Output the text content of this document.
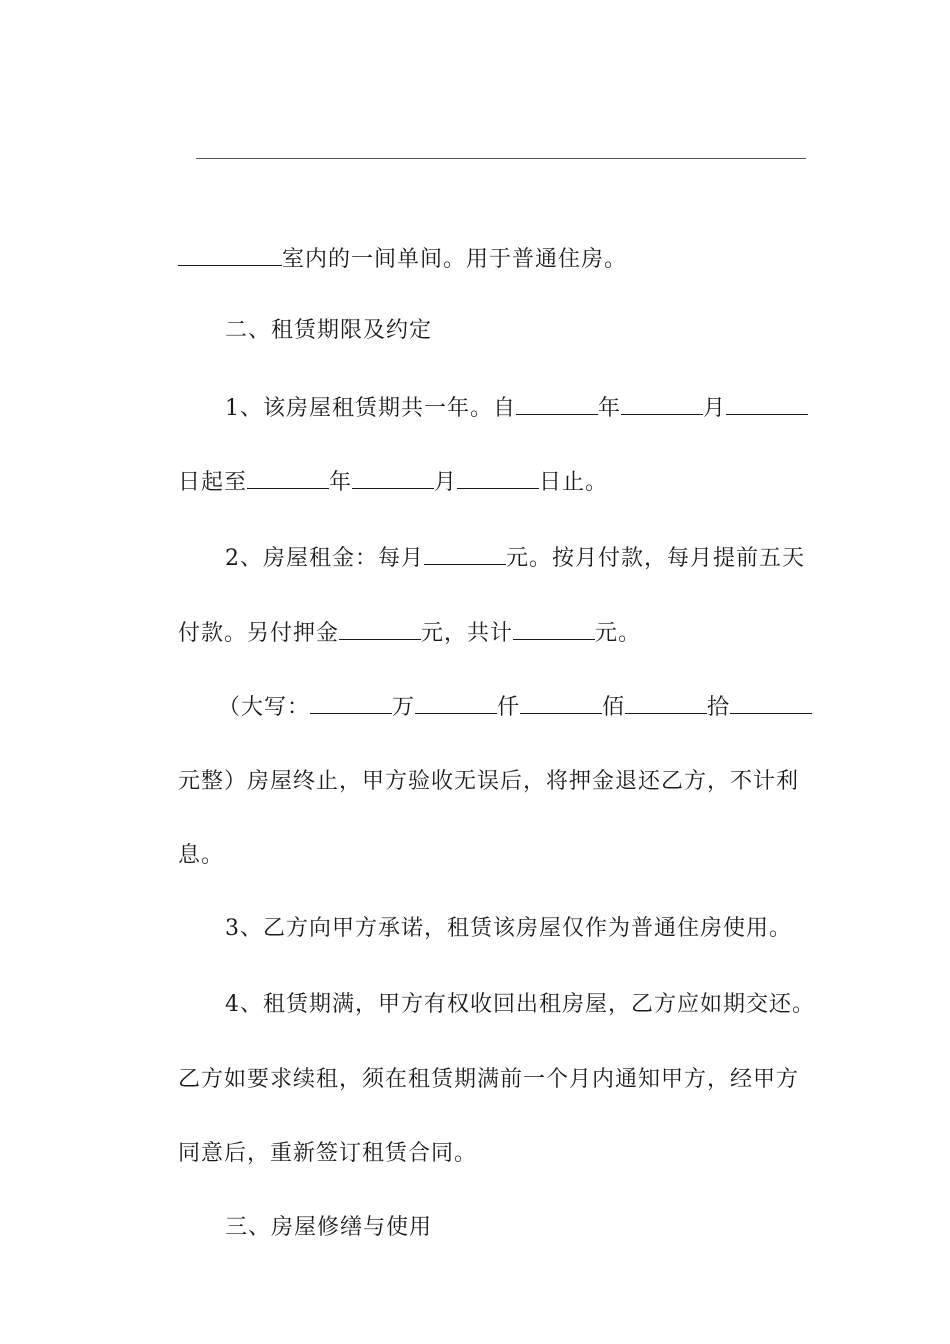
室内的一间单间。用于普通住房。

二、租赁期限及约定

1、该房屋租赁期共一年。自	年	月

日起至	年	月	日止。

2、房屋租金：每月	元。按月付款，每月提前五天

付款。另付押金	元，共计	元。

（大写：	万	仟	佰	拾

元整）房屋终止，甲方验收无误后，将押金退还乙方，不计利

息。

3、乙方向甲方承诺，租赁该房屋仅作为普通住房使用。

4、租赁期满，甲方有权收回出租房屋，乙方应如期交还。

乙方如要求续租，须在租赁期满前一个月内通知甲方，经甲方

同意后，重新签订租赁合同。

三、房屋修缮与使用
